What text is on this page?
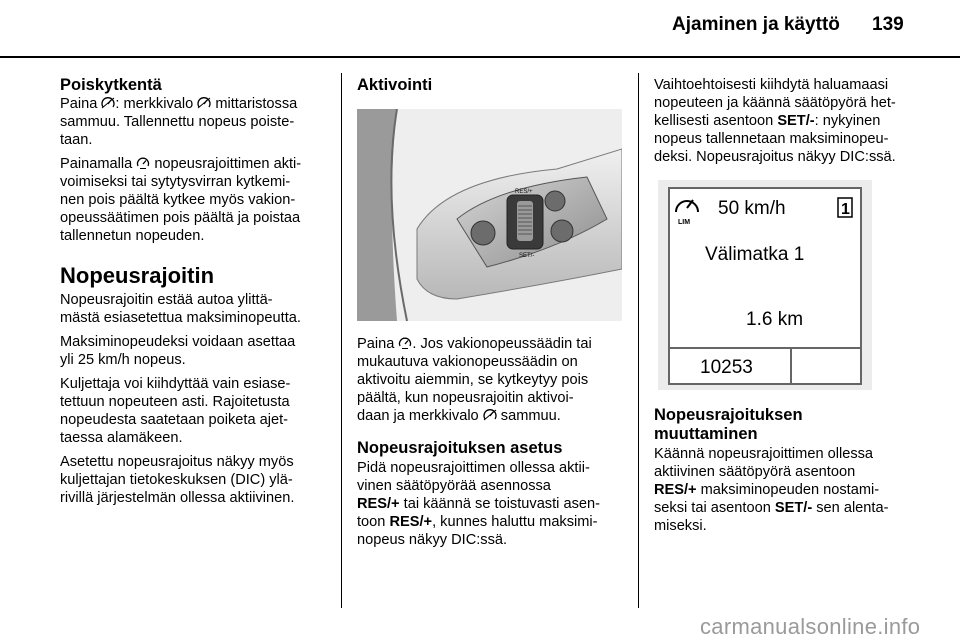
Ajaminen ja käyttö 139
Poiskytkentä

Paina : merkkivalo  mittaristossa
sammuu. Tallennettu nopeus poiste-
taan.

Painamalla  nopeusrajoittimen akti-
voimiseksi tai sytytysvirran kytkemi-
nen pois päältä kytkee myös vakion-
opeussäätimen pois päältä ja poistaa
tallennetun nopeuden.

Nopeusrajoitin

Nopeusrajoitin estää autoa ylittä-
mästä esiasetettua maksiminopeutta.

Maksiminopeudeksi voidaan asettaa
yli 25 km/h nopeus.

Kuljettaja voi kiihdyttää vain esiase-
tettuun nopeuteen asti. Rajoitetusta
nopeudesta saatetaan poiketa ajet-
taessa alamäkeen.

Asetettu nopeusrajoitus näkyy myös
kuljettajan tietokeskuksen (DIC) ylä-
rivillä järjestelmän ollessa aktiivinen.

Aktivointi
RES/+
SET/-

Paina . Jos vakionopeussäädin tai
mukautuva vakionopeussäädin on
aktivoitu aiemmin, se kytkeytyy pois
päältä, kun nopeusrajoitin aktivoi-
daan ja merkkivalo  sammuu.

Nopeusrajoituksen asetus

Pidä nopeusrajoittimen ollessa aktii-
vinen säätöpyörää asennossa
RES/+ tai käännä se toistuvasti asen-
toon RES/+, kunnes haluttu maksimi-
nopeus näkyy DIC:ssä.

Vaihtoehtoisesti kiihdytä haluamaasi
nopeuteen ja käännä säätöpyörä het-
kellisesti asentoon SET/-: nykyinen
nopeus tallennetaan maksiminopeu-
deksi. Nopeusrajoitus näkyy DIC:ssä.

LIM
50 km/h	1
Välimatka 1
1.6 km
10253
Nopeusrajoituksen
muuttaminen

Käännä nopeusrajoittimen ollessa
aktiivinen säätöpyörä asentoon
RES/+ maksiminopeuden nostami-
seksi tai asentoon SET/- sen alenta-
miseksi.

carmanualsonline.info
